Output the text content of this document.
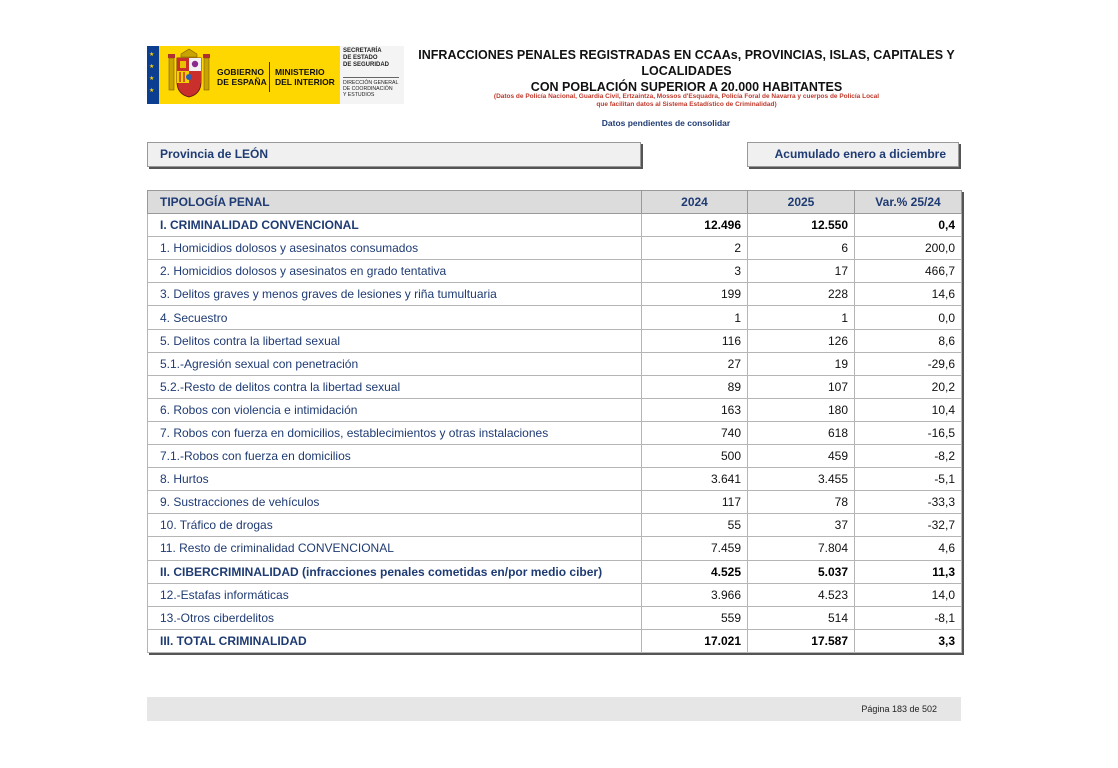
★
★
★
★
GOBIERNO
DE ESPAÑA
MINISTERIO
DEL INTERIOR
SECRETARÍA
DE ESTADO
DE SEGURIDAD
DIRECCIÓN GENERAL
DE COORDINACIÓN
Y ESTUDIOS
INFRACCIONES PENALES REGISTRADAS EN CCAAs, PROVINCIAS, ISLAS, CAPITALES Y LOCALIDADES
CON POBLACIÓN SUPERIOR A 20.000 HABITANTES
(Datos de Policía Nacional, Guardia Civil, Ertzaintza, Mossos d'Esquadra, Policía Foral de Navarra y cuerpos de Policía Local
que facilitan datos al Sistema Estadístico de Criminalidad)
Datos pendientes de consolidar
Provincia de LEÓN	Acumulado enero a diciembre
TIPOLOGÍA PENAL	2024	2025	Var.% 25/24
I. CRIMINALIDAD CONVENCIONAL	12.496	12.550	0,4
1. Homicidios dolosos y asesinatos consumados	2	6	200,0
2. Homicidios dolosos y asesinatos en grado tentativa	3	17	466,7
3. Delitos graves y menos graves de lesiones y riña tumultuaria	199	228	14,6
4. Secuestro	1	1	0,0
5. Delitos contra la libertad sexual	116	126	8,6
5.1.-Agresión sexual con penetración	27	19	-29,6
5.2.-Resto de delitos contra la libertad sexual	89	107	20,2
6. Robos con violencia e intimidación	163	180	10,4
7. Robos con fuerza en domicilios, establecimientos y otras instalaciones	740	618	-16,5
7.1.-Robos con fuerza en domicilios	500	459	-8,2
8. Hurtos	3.641	3.455	-5,1
9. Sustracciones de vehículos	117	78	-33,3
10. Tráfico de drogas	55	37	-32,7
11. Resto de criminalidad CONVENCIONAL	7.459	7.804	4,6
II. CIBERCRIMINALIDAD (infracciones penales cometidas en/por medio ciber)	4.525	5.037	11,3
12.-Estafas informáticas	3.966	4.523	14,0
13.-Otros ciberdelitos	559	514	-8,1
III. TOTAL CRIMINALIDAD	17.021	17.587	3,3
Página 183 de 502
